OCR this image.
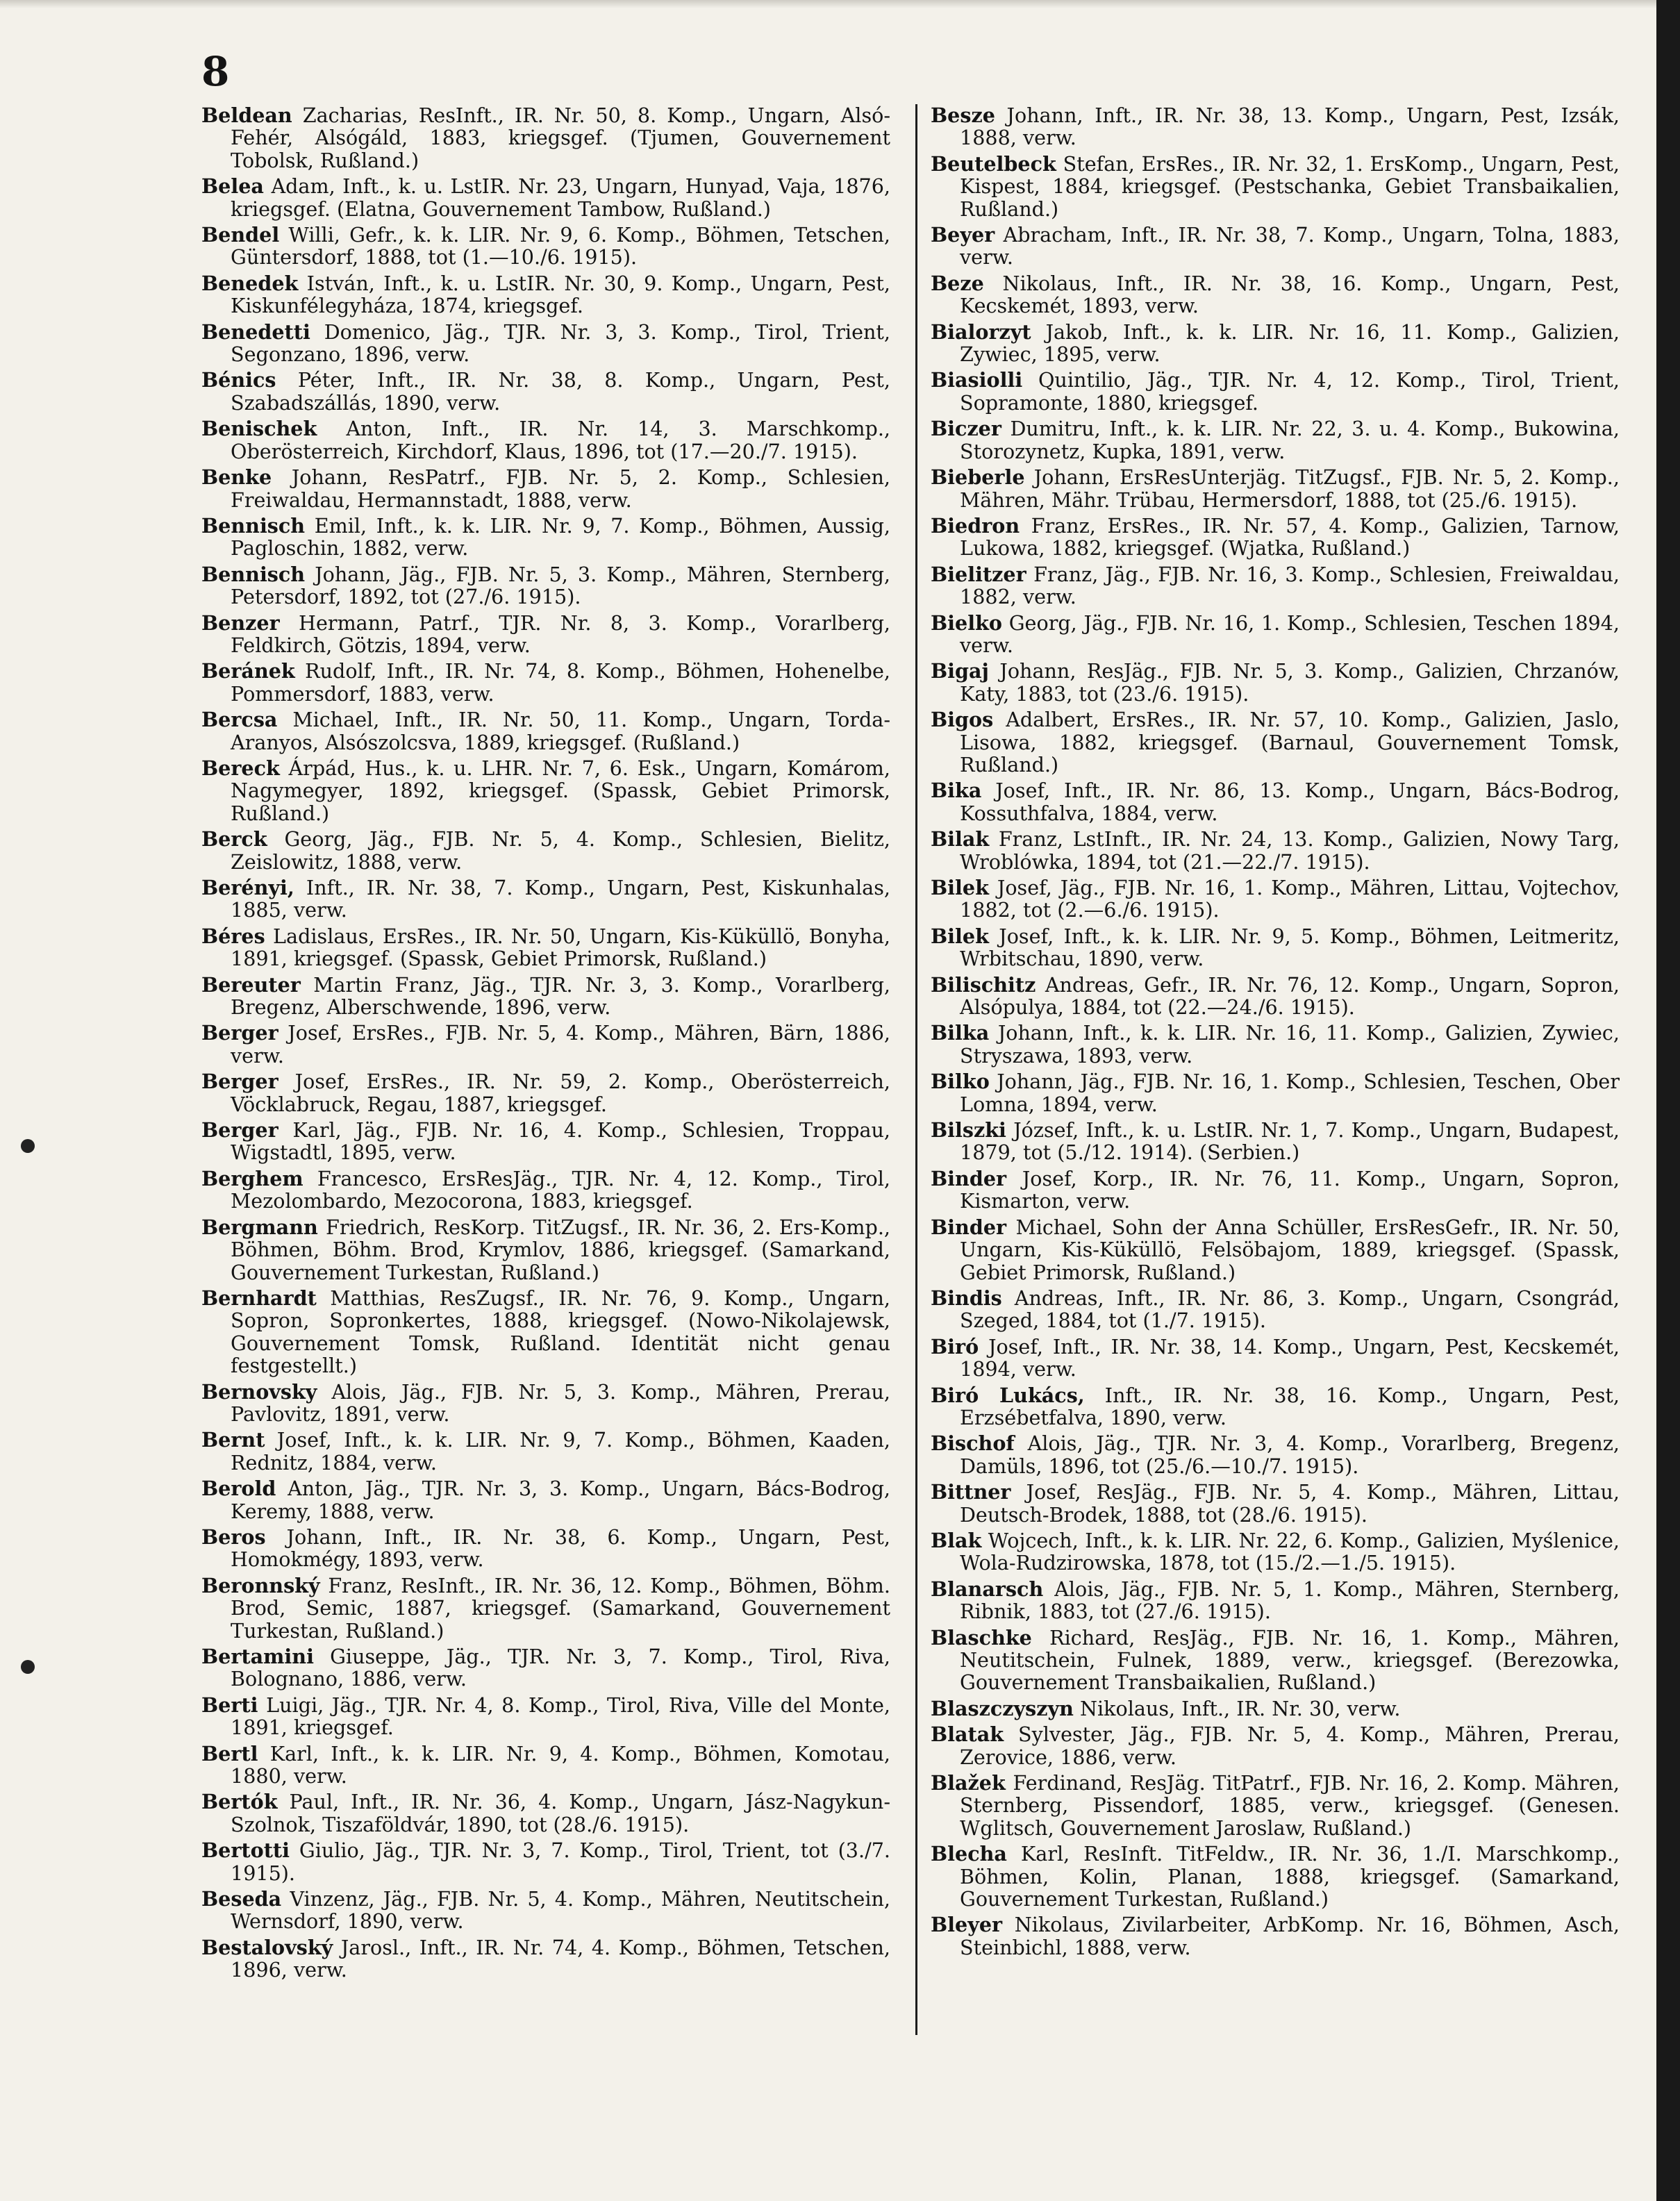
8

Beldean Zacharias, ResInft., IR. Nr. 50, 8. Komp., Ungarn, Alsó-Fehér, Alsógáld, 1883, kriegsgef. (Tjumen, Gouvernement Tobolsk, Rußland.)

Belea Adam, Inft., k. u. LstIR. Nr. 23, Ungarn, Hunyad, Vaja, 1876, kriegsgef. (Elatna, Gouvernement Tambow, Rußland.)

Bendel Willi, Gefr., k. k. LIR. Nr. 9, 6. Komp., Böhmen, Tetschen, Güntersdorf, 1888, tot (1.—10./6. 1915).

Benedek István, Inft., k. u. LstIR. Nr. 30, 9. Komp., Ungarn, Pest, Kiskunfélegyháza, 1874, kriegsgef.

Benedetti Domenico, Jäg., TJR. Nr. 3, 3. Komp., Tirol, Trient, Segonzano, 1896, verw.

Bénics Péter, Inft., IR. Nr. 38, 8. Komp., Ungarn, Pest, Szabadszállás, 1890, verw.

Benischek Anton, Inft., IR. Nr. 14, 3. Marschkomp., Oberösterreich, Kirchdorf, Klaus, 1896, tot (17.—20./7. 1915).

Benke Johann, ResPatrf., FJB. Nr. 5, 2. Komp., Schlesien, Freiwaldau, Hermannstadt, 1888, verw.

Bennisch Emil, Inft., k. k. LIR. Nr. 9, 7. Komp., Böhmen, Aussig, Pagloschin, 1882, verw.

Bennisch Johann, Jäg., FJB. Nr. 5, 3. Komp., Mähren, Sternberg, Petersdorf, 1892, tot (27./6. 1915).

Benzer Hermann, Patrf., TJR. Nr. 8, 3. Komp., Vorarlberg, Feldkirch, Götzis, 1894, verw.

Beránek Rudolf, Inft., IR. Nr. 74, 8. Komp., Böhmen, Hohenelbe, Pommersdorf, 1883, verw.

Bercsa Michael, Inft., IR. Nr. 50, 11. Komp., Ungarn, Torda-Aranyos, Alsószolcsva, 1889, kriegsgef. (Rußland.)

Bereck Árpád, Hus., k. u. LHR. Nr. 7, 6. Esk., Ungarn, Komárom, Nagymegyer, 1892, kriegsgef. (Spassk, Gebiet Primorsk, Rußland.)

Berck Georg, Jäg., FJB. Nr. 5, 4. Komp., Schlesien, Bielitz, Zeislowitz, 1888, verw.

Berényi, Inft., IR. Nr. 38, 7. Komp., Ungarn, Pest, Kiskunhalas, 1885, verw.

Béres Ladislaus, ErsRes., IR. Nr. 50, Ungarn, Kis-Küküllö, Bonyha, 1891, kriegsgef. (Spassk, Gebiet Primorsk, Rußland.)

Bereuter Martin Franz, Jäg., TJR. Nr. 3, 3. Komp., Vorarlberg, Bregenz, Alberschwende, 1896, verw.

Berger Josef, ErsRes., FJB. Nr. 5, 4. Komp., Mähren, Bärn, 1886, verw.

Berger Josef, ErsRes., IR. Nr. 59, 2. Komp., Oberösterreich, Vöcklabruck, Regau, 1887, kriegsgef.

Berger Karl, Jäg., FJB. Nr. 16, 4. Komp., Schlesien, Troppau, Wigstadtl, 1895, verw.

Berghem Francesco, ErsResJäg., TJR. Nr. 4, 12. Komp., Tirol, Mezolombardo, Mezocorona, 1883, kriegsgef.

Bergmann Friedrich, ResKorp. TitZugsf., IR. Nr. 36, 2. Ers-Komp., Böhmen, Böhm. Brod, Krymlov, 1886, kriegsgef. (Samarkand, Gouvernement Turkestan, Rußland.)

Bernhardt Matthias, ResZugsf., IR. Nr. 76, 9. Komp., Ungarn, Sopron, Sopronkertes, 1888, kriegsgef. (Nowo-Nikolajewsk, Gouvernement Tomsk, Rußland. Identität nicht genau festgestellt.)

Bernovsky Alois, Jäg., FJB. Nr. 5, 3. Komp., Mähren, Prerau, Pavlovitz, 1891, verw.

Bernt Josef, Inft., k. k. LIR. Nr. 9, 7. Komp., Böhmen, Kaaden, Rednitz, 1884, verw.

Berold Anton, Jäg., TJR. Nr. 3, 3. Komp., Ungarn, Bács-Bodrog, Keremy, 1888, verw.

Beros Johann, Inft., IR. Nr. 38, 6. Komp., Ungarn, Pest, Homokmégy, 1893, verw.

Beronnský Franz, ResInft., IR. Nr. 36, 12. Komp., Böhmen, Böhm. Brod, Semic, 1887, kriegsgef. (Samarkand, Gouvernement Turkestan, Rußland.)

Bertamini Giuseppe, Jäg., TJR. Nr. 3, 7. Komp., Tirol, Riva, Bolognano, 1886, verw.

Berti Luigi, Jäg., TJR. Nr. 4, 8. Komp., Tirol, Riva, Ville del Monte, 1891, kriegsgef.

Bertl Karl, Inft., k. k. LIR. Nr. 9, 4. Komp., Böhmen, Komotau, 1880, verw.

Bertók Paul, Inft., IR. Nr. 36, 4. Komp., Ungarn, Jász-Nagykun-Szolnok, Tiszaföldvár, 1890, tot (28./6. 1915).

Bertotti Giulio, Jäg., TJR. Nr. 3, 7. Komp., Tirol, Trient, tot (3./7. 1915).

Beseda Vinzenz, Jäg., FJB. Nr. 5, 4. Komp., Mähren, Neutitschein, Wernsdorf, 1890, verw.

Bestalovský Jarosl., Inft., IR. Nr. 74, 4. Komp., Böhmen, Tetschen, 1896, verw.

Besze Johann, Inft., IR. Nr. 38, 13. Komp., Ungarn, Pest, Izsák, 1888, verw.

Beutelbeck Stefan, ErsRes., IR. Nr. 32, 1. ErsKomp., Ungarn, Pest, Kispest, 1884, kriegsgef. (Pestschanka, Gebiet Transbaikalien, Rußland.)

Beyer Abracham, Inft., IR. Nr. 38, 7. Komp., Ungarn, Tolna, 1883, verw.

Beze Nikolaus, Inft., IR. Nr. 38, 16. Komp., Ungarn, Pest, Kecskemét, 1893, verw.

Bialorzyt Jakob, Inft., k. k. LIR. Nr. 16, 11. Komp., Galizien, Zywiec, 1895, verw.

Biasiolli Quintilio, Jäg., TJR. Nr. 4, 12. Komp., Tirol, Trient, Sopramonte, 1880, kriegsgef.

Biczer Dumitru, Inft., k. k. LIR. Nr. 22, 3. u. 4. Komp., Bukowina, Storozynetz, Kupka, 1891, verw.

Bieberle Johann, ErsResUnterjäg. TitZugsf., FJB. Nr. 5, 2. Komp., Mähren, Mähr. Trübau, Hermersdorf, 1888, tot (25./6. 1915).

Biedron Franz, ErsRes., IR. Nr. 57, 4. Komp., Galizien, Tarnow, Lukowa, 1882, kriegsgef. (Wjatka, Rußland.)

Bielitzer Franz, Jäg., FJB. Nr. 16, 3. Komp., Schlesien, Freiwaldau, 1882, verw.

Bielko Georg, Jäg., FJB. Nr. 16, 1. Komp., Schlesien, Teschen 1894, verw.

Bigaj Johann, ResJäg., FJB. Nr. 5, 3. Komp., Galizien, Chrzanów, Katy, 1883, tot (23./6. 1915).

Bigos Adalbert, ErsRes., IR. Nr. 57, 10. Komp., Galizien, Jaslo, Lisowa, 1882, kriegsgef. (Barnaul, Gouvernement Tomsk, Rußland.)

Bika Josef, Inft., IR. Nr. 86, 13. Komp., Ungarn, Bács-Bodrog, Kossuthfalva, 1884, verw.

Bilak Franz, LstInft., IR. Nr. 24, 13. Komp., Galizien, Nowy Targ, Wroblówka, 1894, tot (21.—22./7. 1915).

Bilek Josef, Jäg., FJB. Nr. 16, 1. Komp., Mähren, Littau, Vojtechov, 1882, tot (2.—6./6. 1915).

Bilek Josef, Inft., k. k. LIR. Nr. 9, 5. Komp., Böhmen, Leitmeritz, Wrbitschau, 1890, verw.

Bilischitz Andreas, Gefr., IR. Nr. 76, 12. Komp., Ungarn, Sopron, Alsópulya, 1884, tot (22.—24./6. 1915).

Bilka Johann, Inft., k. k. LIR. Nr. 16, 11. Komp., Galizien, Zywiec, Stryszawa, 1893, verw.

Bilko Johann, Jäg., FJB. Nr. 16, 1. Komp., Schlesien, Teschen, Ober Lomna, 1894, verw.

Bilszki József, Inft., k. u. LstIR. Nr. 1, 7. Komp., Ungarn, Budapest, 1879, tot (5./12. 1914). (Serbien.)

Binder Josef, Korp., IR. Nr. 76, 11. Komp., Ungarn, Sopron, Kismarton, verw.

Binder Michael, Sohn der Anna Schüller, ErsResGefr., IR. Nr. 50, Ungarn, Kis-Küküllö, Felsöbajom, 1889, kriegsgef. (Spassk, Gebiet Primorsk, Rußland.)

Bindis Andreas, Inft., IR. Nr. 86, 3. Komp., Ungarn, Csongrád, Szeged, 1884, tot (1./7. 1915).

Biró Josef, Inft., IR. Nr. 38, 14. Komp., Ungarn, Pest, Kecskemét, 1894, verw.

Biró Lukács, Inft., IR. Nr. 38, 16. Komp., Ungarn, Pest, Erzsébetfalva, 1890, verw.

Bischof Alois, Jäg., TJR. Nr. 3, 4. Komp., Vorarlberg, Bregenz, Damüls, 1896, tot (25./6.—10./7. 1915).

Bittner Josef, ResJäg., FJB. Nr. 5, 4. Komp., Mähren, Littau, Deutsch-Brodek, 1888, tot (28./6. 1915).

Blak Wojcech, Inft., k. k. LIR. Nr. 22, 6. Komp., Galizien, Myślenice, Wola-Rudzirowska, 1878, tot (15./2.—1./5. 1915).

Blanarsch Alois, Jäg., FJB. Nr. 5, 1. Komp., Mähren, Sternberg, Ribnik, 1883, tot (27./6. 1915).

Blaschke Richard, ResJäg., FJB. Nr. 16, 1. Komp., Mähren, Neutitschein, Fulnek, 1889, verw., kriegsgef. (Berezowka, Gouvernement Transbaikalien, Rußland.)

Blaszczyszyn Nikolaus, Inft., IR. Nr. 30, verw.

Blatak Sylvester, Jäg., FJB. Nr. 5, 4. Komp., Mähren, Prerau, Zerovice, 1886, verw.

Blažek Ferdinand, ResJäg. TitPatrf., FJB. Nr. 16, 2. Komp. Mähren, Sternberg, Pissendorf, 1885, verw., kriegsgef. (Genesen. Wglitsch, Gouvernement Jaroslaw, Rußland.)

Blecha Karl, ResInft. TitFeldw., IR. Nr. 36, 1./I. Marschkomp., Böhmen, Kolin, Planan, 1888, kriegsgef. (Samarkand, Gouvernement Turkestan, Rußland.)

Bleyer Nikolaus, Zivilarbeiter, ArbKomp. Nr. 16, Böhmen, Asch, Steinbichl, 1888, verw.
